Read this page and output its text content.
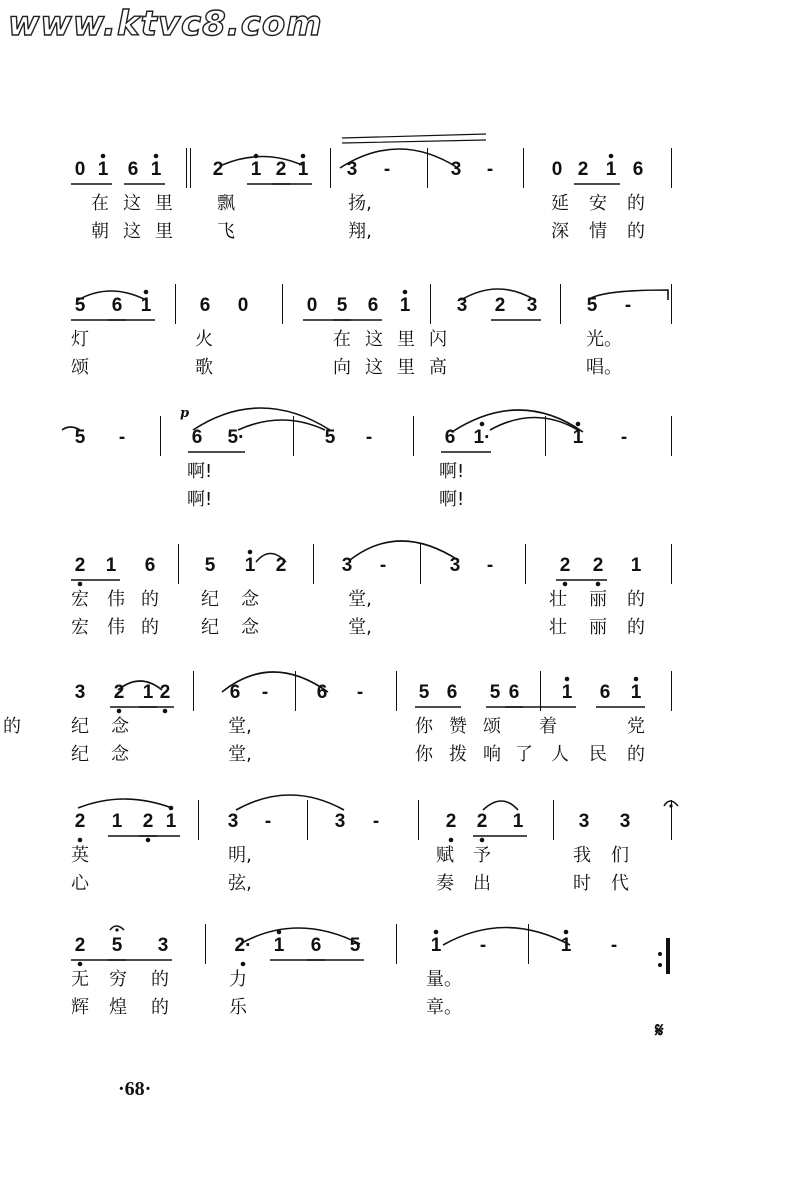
www.ktvc8.com
0 1	6 1	2	1 2 1	3	-	3	-	0 2 1 6
在 这 里 飘	扬,	延 安 的
朝 这 里 飞	翔,	深 情 的
5	6 1	6	0	0	5	6	1	3	2	3	5	-
灯	火	在 这 里 闪	光。
颂	歌	向 这 里 高	唱。
5	-	6	5·	5	-	6 1·	1	-
啊!	啊!
啊!	啊!
2	1	6	5	1	2	3	-	3	-	2	2	1
宏 伟 的 纪 念	堂,	壮 丽 的
宏 伟 的 纪 念	堂,	壮 丽 的
3	2 1 2	6	-	6	-	5 6	5 6	1	6	1
纪 念	堂,	你 赞 颂 着	党
的
纪 念	堂,	你 拨 响 了 人 民 的
2	1	2 1	3	-	3	-	2	2	1	3	3
英	明,	赋 予	我 们
心	弦,	奏 出	时 代
2	5	3	2·	1	6	5	1	-	1	-
无 穷 的	力	量。
辉 煌 的	乐	章。
p
·68·
𝄋
